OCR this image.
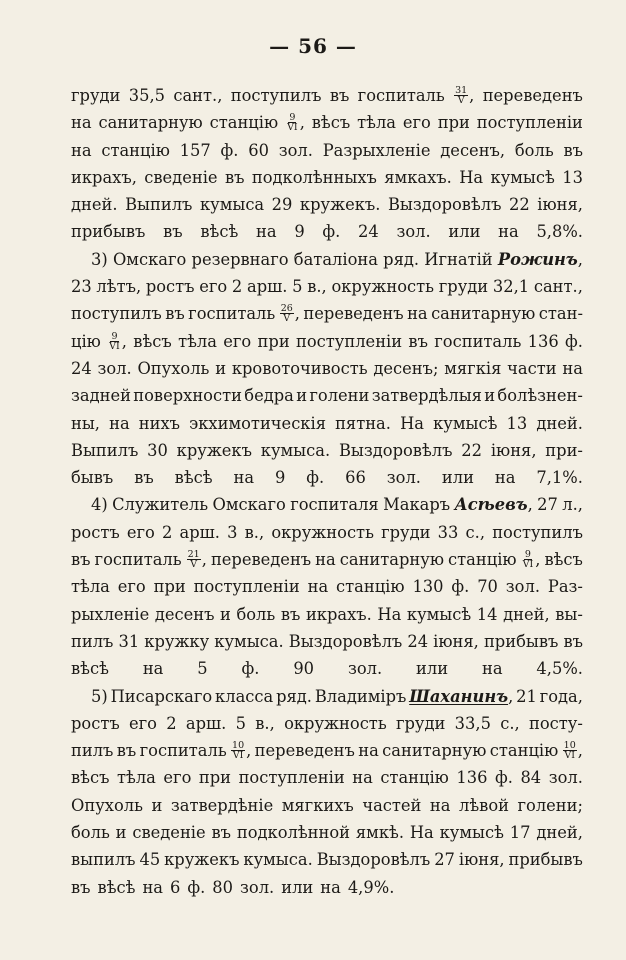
— 56 —
груди 35,5 сант., поступилъ въ госпиталь $\frac{31}{V}$ , переведенъ
на санитарную станцію $\frac{9}{VI}$ , вѣсъ тѣла его при поступленіи
на станцію 157 ф. 60 зол. Разрыхленіе десенъ, боль въ
икрахъ, сведеніе въ подколѣнныхъ ямкахъ. На кумысѣ 13
дней. Выпилъ кумыса 29 кружекъ. Выздоровѣлъ 22 іюня,
прибывъ въ вѣсѣ на 9 ф. 24 зол. или на 5,8%.
3) Омскаго резервнаго баталіона ряд. Игнатій Рожинъ,
23 лѣтъ, ростъ его 2 арш. 5 в., окружность груди 32,1 сант.,
поступилъ въ госпиталь $\frac{26}{V}$ , переведенъ на санитарную стан-
цію $\frac{9}{VI}$ , вѣсъ тѣла его при поступленіи въ госпиталь 136 ф.
24 зол. Опухоль и кровоточивость десенъ; мягкія части на
задней поверхности бедра и голени затвердѣлыя и болѣзнен-
ны, на нихъ экхимотическія пятна. На кумысѣ 13 дней.
Выпилъ 30 кружекъ кумыса. Выздоровѣлъ 22 іюня, при-
бывъ въ вѣсѣ на 9 ф. 66 зол. или на 7,1%.
4) Служитель Омскаго госпиталя Макаръ Асѣевъ, 27 л.,
ростъ его 2 арш. 3 в., окружность груди 33 с., поступилъ
въ госпиталь $\frac{21}{V}$ , переведенъ на санитарную станцію $\frac{9}{VI}$ , вѣсъ
тѣла его при поступленіи на станцію 130 ф. 70 зол. Раз-
рыхленіе десенъ и боль въ икрахъ. На кумысѣ 14 дней, вы-
пилъ 31 кружку кумыса. Выздоровѣлъ 24 іюня, прибывъ въ
вѣсѣ на 5 ф. 90 зол. или на 4,5%.
5) Писарскаго класса ряд. Владиміръ Шаханинъ, 21 года,
ростъ его 2 арш. 5 в., окружность груди 33,5 с., посту-
пилъ въ госпиталь $\frac{10}{VI}$ , переведенъ на санитарную станцію $\frac{10}{VI}$ ,
вѣсъ тѣла его при поступленіи на станцію 136 ф. 84 зол.
Опухоль и затвердѣніе мягкихъ частей на лѣвой голени;
боль и сведеніе въ подколѣнной ямкѣ. На кумысѣ 17 дней,
выпилъ 45 кружекъ кумыса. Выздоровѣлъ 27 іюня, прибывъ
въ вѣсѣ на 6 ф. 80 зол. или на 4,9%.
